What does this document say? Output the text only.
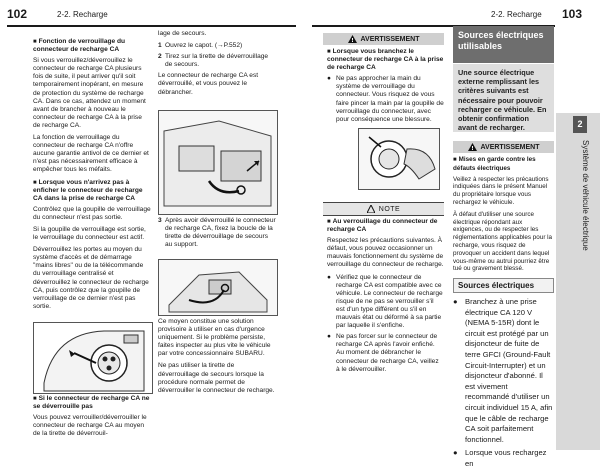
102	2-2. Recharge	2-2. Recharge 103
■ Fonction de verrouillage du connecteur de recharge CA

Si vous verrouillez/déverrouillez le connecteur de recharge CA plusieurs fois de suite, il peut arriver qu'il soit temporairement inopérant, en mesure de protection du système de recharge CA. Dans ce cas, attendez un moment avant de brancher à nouveau le connecteur de recharge CA à la prise de recharge CA.

La fonction de verrouillage du connecteur de recharge CA n'offre aucune garantie antivol de ce dernier et n'est pas nécessairement efficace à empêcher tous les méfaits.

■ Lorsque vous n'arrivez pas à enficher le connecteur de recharge CA dans la prise de recharge CA

Contrôlez que la goupille de verrouillage du connecteur n'est pas sortie.

Si la goupille de verrouillage est sortie, le verrouillage du connecteur est actif.

Déverrouillez les portes au moyen du système d'accès et de démarrage "mains libres" ou de la télécommande du verrouillage centralisé et déverrouillez le connecteur de recharge CA, puis contrôlez que la goupille de verrouillage de ce dernier n'est pas sortie.

■ Si le connecteur de recharge CA ne se déverrouille pas

Vous pouvez verrouiller/déverrouiller le connecteur de recharge CA au moyen de la tirette de déverrouil-

lage de secours.

1 Ouvrez le capot. (→P.552)
2 Tirez sur la tirette de déverrouillage de secours.

Le connecteur de recharge CA est déverrouillé, et vous pouvez le débrancher.

3 Après avoir déverrouillé le connecteur de recharge CA, fixez la boucle de la tirette de déverrouillage de secours au support.

Ce moyen constitue une solution provisoire à utiliser en cas d'urgence uniquement. Si le problème persiste, faites inspecter au plus vite le véhicule par votre concessionnaire SUBARU.

Ne pas utiliser la tirette de déverrouillage de secours lorsque la procédure normale permet de déverrouiller le connecteur de recharge.

AVERTISSEMENT
■ Lorsque vous branchez le connecteur de recharge CA à la prise de recharge CA
● Ne pas approcher la main du système de verrouillage du connecteur. Vous risquez de vous faire pincer la main par la goupille de verrouillage du connecteur, avec pour conséquence une blessure.
NOTE
■ Au verrouillage du connecteur de recharge CA

Respectez les précautions suivantes. À défaut, vous pouvez occasionner un mauvais fonctionnement du système de verrouillage du connecteur de recharge.

● Vérifiez que le connecteur de recharge CA est compatible avec ce véhicule. Le connecteur de recharge risque de ne pas se verrouiller s'il est d'un type différent ou s'il en mauvais état ou déformé à sa partie par laquelle il s'enfiche.
● Ne pas forcer sur le connecteur de recharge CA après l'avoir enfiché. Au moment de débrancher le connecteur de recharge CA, veillez à le déverrouiller.
Sources électriques utilisables
Une source électrique externe remplissant les critères suivants est nécessaire pour pouvoir recharger ce véhicule. En obtenir confirmation avant de recharger.
AVERTISSEMENT
■ Mises en garde contre les défauts électriques

Veillez à respecter les précautions indiquées dans le présent Manuel du propriétaire lorsque vous rechargez le véhicule.

À défaut d'utiliser une source électrique répondant aux exigences, ou de respecter les réglementations applicables pour la recharge, vous risquez de provoquer un accident dans lequel vous-même ou autrui pourriez être tué ou gravement blessé.

Sources électriques
● Branchez à une prise électrique CA 120 V (NEMA 5-15R) dont le circuit est protégé par un disjoncteur de fuite de terre GFCI (Ground-Fault Circuit-Interrupter) et un disjoncteur d'abonné. Il est vivement recommandé d'utiliser un circuit individuel 15 A, afin que le câble de recharge CA soit parfaitement fonctionnel.
● Lorsque vous rechargez en
2
Système de véhicule électrique
